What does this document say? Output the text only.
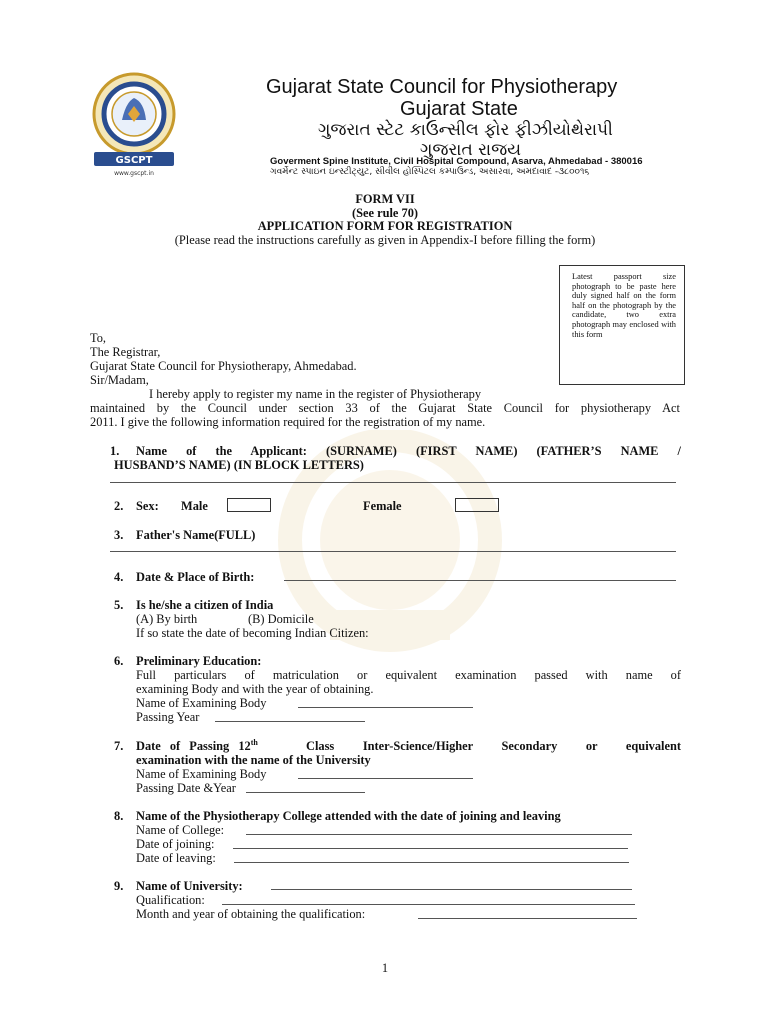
GSCPT
www.gscpt.in
Gujarat State Council for Physiotherapy
Gujarat State
ગુજરાત સ્ટેટ કાઉન્સીલ ફોર ફીઝીયોથેરાપી
ગુજરાત રાજય
Goverment Spine Institute, Civil Hospital Compound, Asarva, Ahmedabad - 380016
ગવર્મેન્ટ સ્પાઇન ઇન્સ્ટીટ્યુટ, સીવીલ હોસ્પિટલ કમ્પાઉન્ડ, અસારવા, અમદાવાદ -૩૮૦૦૧૬
FORM VII
(See rule 70)
APPLICATION FORM FOR REGISTRATION
(Please read the instructions carefully as given in Appendix-I before filling the form)
Latest passport size photograph to be paste here duly signed half on the form half on the photograph by the candidate, two extra photograph may enclosed with this form
To,
The Registrar,
Gujarat State Council for Physiotherapy, Ahmedabad.
Sir/Madam,
I hereby apply to register my name in the register of Physiotherapy
maintained by the Council under section 33 of the Gujarat State Council for physiotherapy Act
2011. I give the following information required for the registration of my name.
1. Name of the Applicant: (SURNAME) (FIRST NAME) (FATHER’S NAME /
HUSBAND’S NAME) (IN BLOCK LETTERS)
2. Sex: Male	Female
3. Father's Name(FULL)
4. Date & Place of Birth:
5. Is he/she a citizen of India
(A) By birth	(B) Domicile
If so state the date of becoming Indian Citizen:
6. Preliminary Education:
Full particulars of matriculation or equivalent examination passed with name of
examining Body and with the year of obtaining.
Name of Examining Body
Passing Year
7. Date of Passing 12th	Class Inter-Science/Higher Secondary or equivalent
examination with the name of the University
Name of Examining Body
Passing Date &Year
8. Name of the Physiotherapy College attended with the date of joining and leaving
Name of College:
Date of joining:
Date of leaving:
9. Name of University:
Qualification:
Month and year of obtaining the qualification:
1
